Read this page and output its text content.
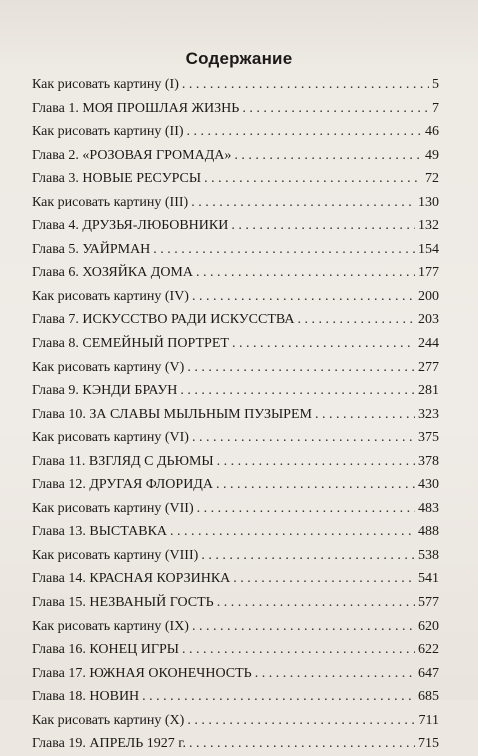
Содержание
Как рисовать картину (I) . . .	5
Глава 1. МОЯ ПРОШЛАЯ ЖИЗНЬ . . .	7
Как рисовать картину (II) . . .	46
Глава 2. «РОЗОВАЯ ГРОМАДА» . . .	49
Глава 3. НОВЫЕ РЕСУРСЫ . . .	72
Как рисовать картину (III) . . .	130
Глава 4. ДРУЗЬЯ-ЛЮБОВНИКИ . . .	132
Глава 5. УАЙРМАН . . .	154
Глава 6. ХОЗЯЙКА ДОМА . . .	177
Как рисовать картину (IV) . . .	200
Глава 7. ИСКУССТВО РАДИ ИСКУССТВА . . .	203
Глава 8. СЕМЕЙНЫЙ ПОРТРЕТ . . .	244
Как рисовать картину (V) . . .	277
Глава 9. КЭНДИ БРАУН . . .	281
Глава 10. ЗА СЛАВЫ МЫЛЬНЫМ ПУЗЫРЕМ . . .	323
Как рисовать картину (VI) . . .	375
Глава 11. ВЗГЛЯД С ДЬЮМЫ . . .	378
Глава 12. ДРУГАЯ ФЛОРИДА . . .	430
Как рисовать картину (VII) . . .	483
Глава 13. ВЫСТАВКА . . .	488
Как рисовать картину (VIII) . . .	538
Глава 14. КРАСНАЯ КОРЗИНКА . . .	541
Глава 15. НЕЗВАНЫЙ ГОСТЬ . . .	577
Как рисовать картину (IX) . . .	620
Глава 16. КОНЕЦ ИГРЫ . . .	622
Глава 17. ЮЖНАЯ ОКОНЕЧНОСТЬ . . .	647
Глава 18. НОВИН . . .	685
Как рисовать картину (X) . . .	711
Глава 19. АПРЕЛЬ 1927 г. . . .	715
